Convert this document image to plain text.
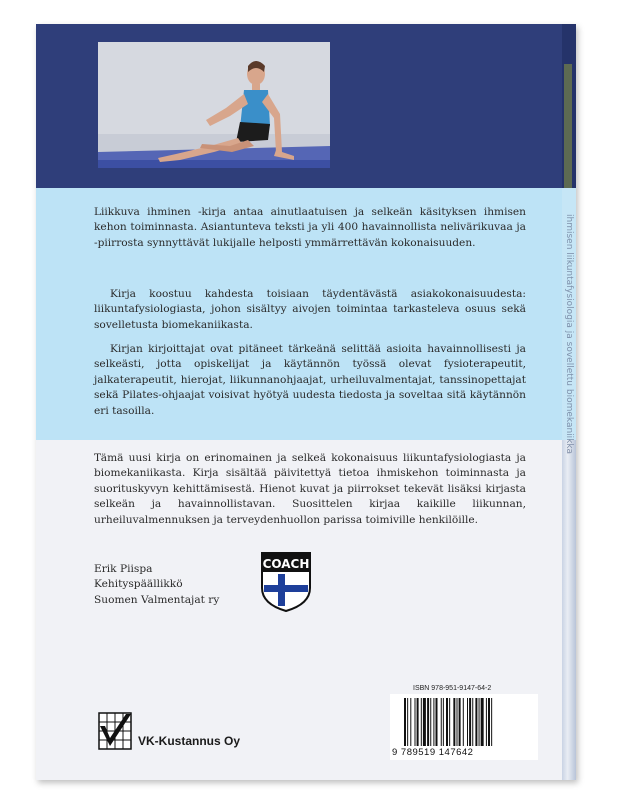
Liikkuva ihminen -kirja antaa ainutlaatuisen ja selkeän käsityksen ihmisen kehon toiminnasta. Asiantunteva teksti ja yli 400 havainnollista nelivärikuvaa ja -piirrosta synnyttävät lukijalle helposti ymmärrettävän kokonaisuuden.
Kirja koostuu kahdesta toisiaan täydentävästä asiakokonaisuudesta: liikuntafysiologiasta, johon sisältyy aivojen toimintaa tarkasteleva osuus sekä sovelletusta biomekaniikasta.
Kirjan kirjoittajat ovat pitäneet tärkeänä selittää asioita havainnollisesti ja selkeästi, jotta opiskelijat ja käytännön työssä olevat fysioterapeutit, jalkaterapeutit, hierojat, liikunnanohjaajat, urheiluvalmentajat, tanssinopettajat sekä Pilates-ohjaajat voisivat hyötyä uudesta tiedosta ja soveltaa sitä käytännön eri tasoilla.
Tämä uusi kirja on erinomainen ja selkeä kokonaisuus liikuntafysiologiasta ja biomekaniikasta. Kirja sisältää päivitettyä tietoa ihmiskehon toiminnasta ja suorituskyvyn kehittämisestä. Hienot kuvat ja piirrokset tekevät lisäksi kirjasta selkeän ja havainnollistavan. Suosittelen kirjaa kaikille liikunnan, urheiluvalmennuksen ja terveydenhuollon parissa toimiville henkilöille.
Erik Piispa
Kehityspäällikkö
Suomen Valmentajat ry
COACH
ISBN 978-951-9147-64-2
9 789519 147642
VK-Kustannus Oy
ihmisen liikuntafysiologia ja sovellettu biomekaniikka
